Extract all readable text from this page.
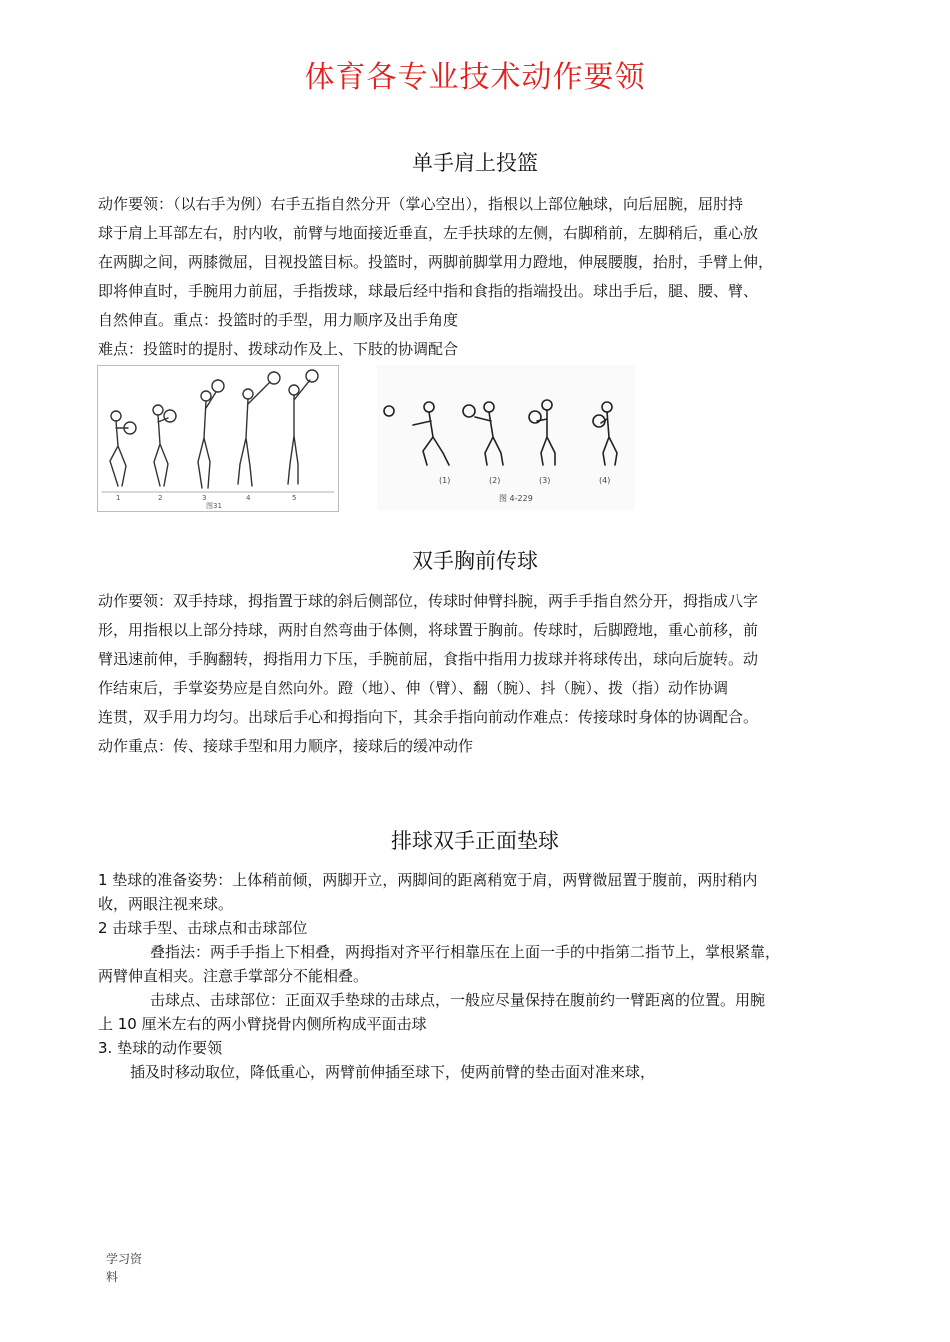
体育各专业技术动作要领
单手肩上投篮
动作要领：（以右手为例）右手五指自然分开（掌心空出），指根以上部位触球，向后屈腕，屈肘持
球于肩上耳部左右，肘内收，前臂与地面接近垂直，左手扶球的左侧，右脚稍前，左脚稍后，重心放
在两脚之间，两膝微屈，目视投篮目标。投篮时，两脚前脚掌用力蹬地，伸展腰腹，抬肘，手臂上伸，
即将伸直时，手腕用力前屈，手指拨球，球最后经中指和食指的指端投出。球出手后，腿、腰、臂、
自然伸直。重点：投篮时的手型，用力顺序及出手角度
难点：投篮时的提肘、拨球动作及上、下肢的协调配合
1	2	3	4	5
图31
(1)	(2)	(3)	(4)
图 4-229
双手胸前传球
动作要领：双手持球，拇指置于球的斜后侧部位，传球时伸臂抖腕，两手手指自然分开，拇指成八字
形，用指根以上部分持球，两肘自然弯曲于体侧，将球置于胸前。传球时，后脚蹬地，重心前移，前
臂迅速前伸，手胸翻转，拇指用力下压，手腕前屈，食指中指用力拔球并将球传出，球向后旋转。动
作结束后，手掌姿势应是自然向外。蹬（地）、伸（臂）、翻（腕）、抖（腕）、拨（指）动作协调
连贯，双手用力均匀。出球后手心和拇指向下，其余手指向前动作难点：传接球时身体的协调配合。
动作重点：传、接球手型和用力顺序，接球后的缓冲动作
排球双手正面垫球
1 垫球的准备姿势：上体稍前倾，两脚开立，两脚间的距离稍宽于肩，两臂微屈置于腹前，两肘稍内
收，两眼注视来球。
2 击球手型、击球点和击球部位
叠指法：两手手指上下相叠，两拇指对齐平行相靠压在上面一手的中指第二指节上，掌根紧靠，
两臂伸直相夹。注意手掌部分不能相叠。
击球点、击球部位：正面双手垫球的击球点，一般应尽量保持在腹前约一臂距离的位置。用腕
上 10 厘米左右的两小臂挠骨内侧所构成平面击球
3. 垫球的动作要领
插及时移动取位，降低重心，两臂前伸插至球下，使两前臂的垫击面对准来球，
学习资
料
